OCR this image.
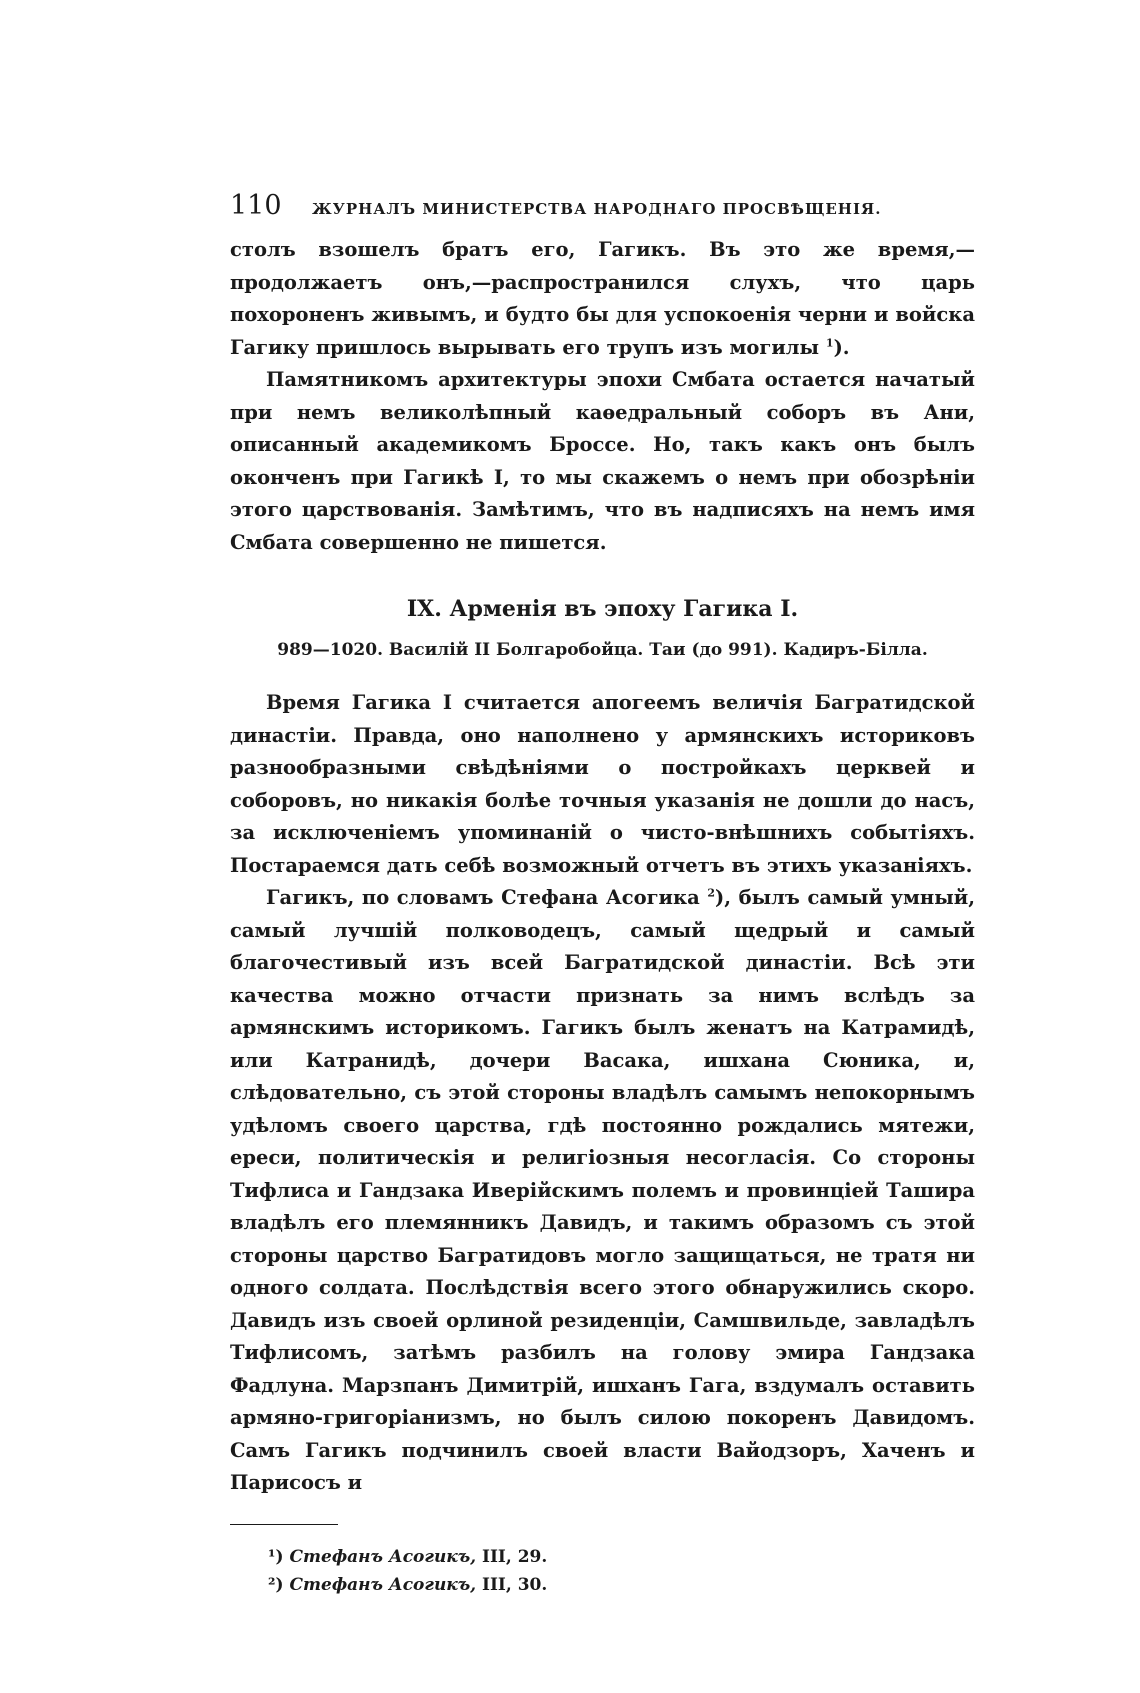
110	ЖУРНАЛЪ МИНИСТЕРСТВА НАРОДНАГО ПРОСВѢЩЕНІЯ.

столъ взошелъ братъ его, Гагикъ. Въ это же время,—продолжаетъ онъ,—распространился слухъ, что царь похороненъ живымъ, и будто бы для успокоенія черни и войска Гагику пришлось вырывать его трупъ изъ могилы $^1$).

Памятникомъ архитектуры эпохи Смбата остается начатый при немъ великолѣпный каѳедральный соборъ въ Ани, описанный академикомъ Броссе. Но, такъ какъ онъ былъ оконченъ при Гагикѣ I, то мы скажемъ о немъ при обозрѣніи этого царствованія. Замѣтимъ, что въ надписяхъ на немъ имя Смбата совершенно не пишется.

IX. Арменія въ эпоху Гагика I.
989—1020. Василій II Болгаробойца. Таи (до 991). Кадиръ-Білла.

Время Гагика I считается апогеемъ величія Багратидской династіи. Правда, оно наполнено у армянскихъ историковъ разнообразными свѣдѣніями о постройкахъ церквей и соборовъ, но никакія болѣе точныя указанія не дошли до насъ, за исключеніемъ упоминаній о чисто-внѣшнихъ событіяхъ. Постараемся дать себѣ возможный отчетъ въ этихъ указаніяхъ.

Гагикъ, по словамъ Стефана Асогика $^2$), былъ самый умный, самый лучшій полководецъ, самый щедрый и самый благочестивый изъ всей Багратидской династіи. Всѣ эти качества можно отчасти признать за нимъ вслѣдъ за армянскимъ историкомъ. Гагикъ былъ женатъ на Катрамидѣ, или Катранидѣ, дочери Васака, ишхана Сюника, и, слѣдовательно, съ этой стороны владѣлъ самымъ непокорнымъ удѣломъ своего царства, гдѣ постоянно рождались мятежи, ереси, политическія и религіозныя несогласія. Со стороны Тифлиса и Гандзака Иверійскимъ полемъ и провинціей Ташира владѣлъ его племянникъ Давидъ, и такимъ образомъ съ этой стороны царство Багратидовъ могло защищаться, не тратя ни одного солдата. Послѣдствія всего этого обнаружились скоро. Давидъ изъ своей орлиной резиденціи, Самшвильде, завладѣлъ Тифлисомъ, затѣмъ разбилъ на голову эмира Гандзака Фадлуна. Марзпанъ Димитрій, ишханъ Гага, вздумалъ оставить армяно-григоріанизмъ, но былъ силою покоренъ Давидомъ. Самъ Гагикъ подчинилъ своей власти Вайодзоръ, Хаченъ и Парисосъ и

¹) Стефанъ Асогикъ, III, 29.

²) Стефанъ Асогикъ, III, 30.
